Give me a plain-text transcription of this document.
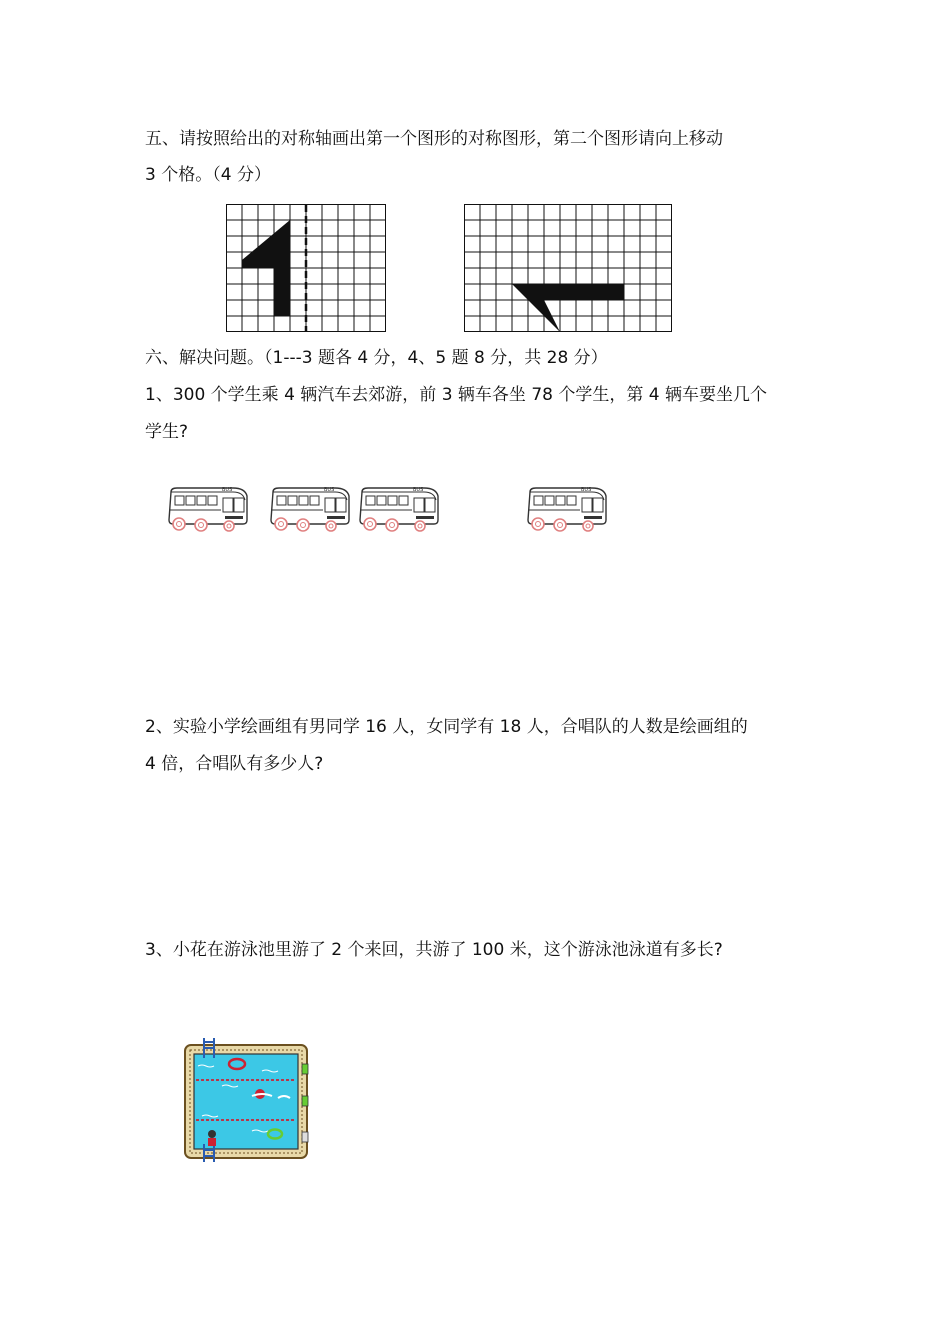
五、请按照给出的对称轴画出第一个图形的对称图形，第二个图形请向上移动
3 个格。（4 分）
六、解决问题。（1---3 题各 4 分，4、5 题 8 分，共 28 分）
1、300 个学生乘 4 辆汽车去郊游，前 3 辆车各坐 78 个学生，第 4 辆车要坐几个
学生?
BUS	BUS	BUS	BUS
2、实验小学绘画组有男同学 16 人，女同学有 18 人，合唱队的人数是绘画组的
4 倍，合唱队有多少人?
3、小花在游泳池里游了 2 个来回，共游了 100 米，这个游泳池泳道有多长?
